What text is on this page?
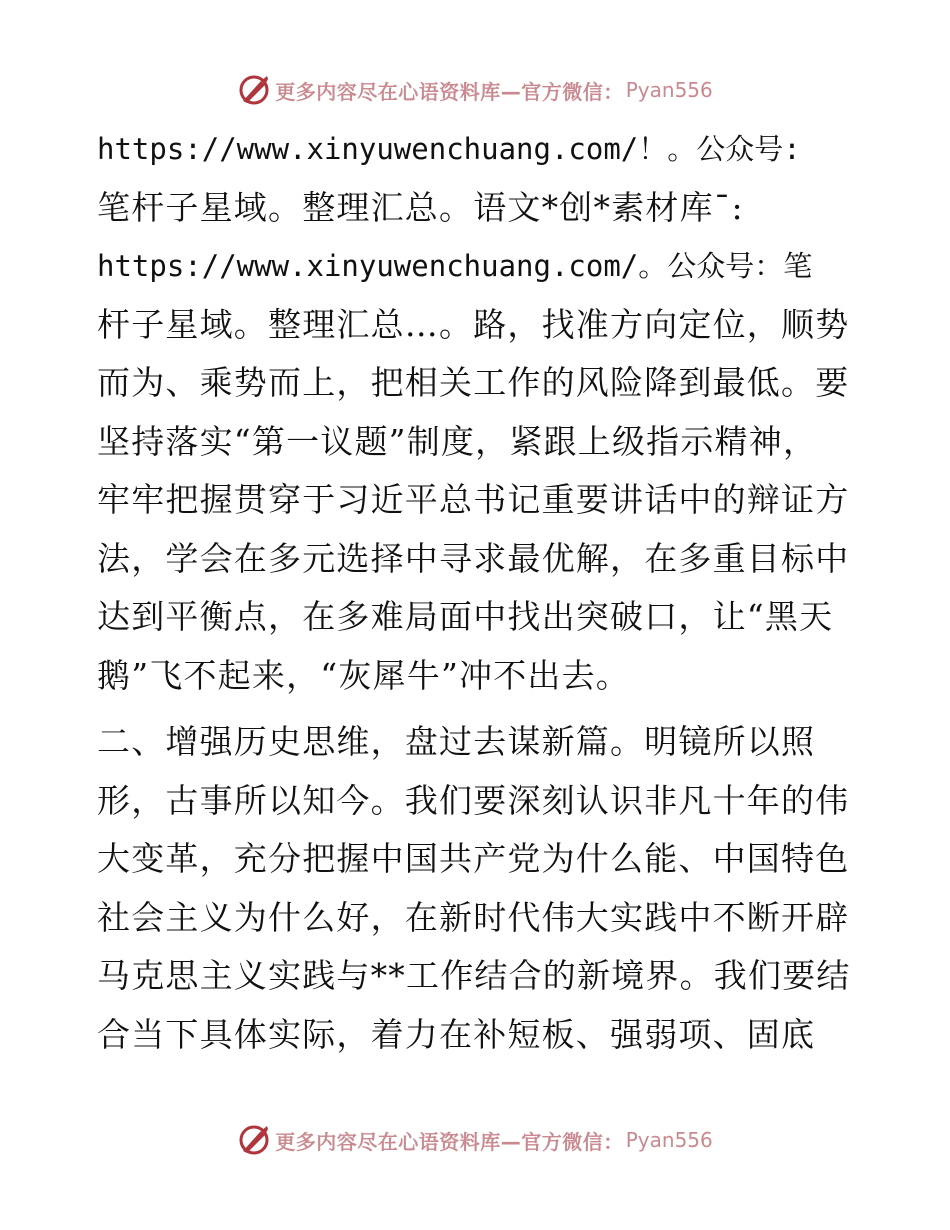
更多内容尽在心语资料库—官方微信： Pyan556
https://www.xinyuwenchuang.com/！。公众号:
笔杆子星域。整理汇总。语文*创*素材库¯:
https://www.xinyuwenchuang.com/。公众号：笔
杆子星域。整理汇总…。路，找准方向定位，顺势
而为、乘势而上，把相关工作的风险降到最低。要
坚持落实“第一议题”制度，紧跟上级指示精神，
牢牢把握贯穿于习近平总书记重要讲话中的辩证方
法，学会在多元选择中寻求最优解，在多重目标中
达到平衡点，在多难局面中找出突破口，让“黑天
鹅”飞不起来，“灰犀牛”冲不出去。
二、增强历史思维，盘过去谋新篇。明镜所以照
形，古事所以知今。我们要深刻认识非凡十年的伟
大变革，充分把握中国共产党为什么能、中国特色
社会主义为什么好，在新时代伟大实践中不断开辟
马克思主义实践与**工作结合的新境界。我们要结
合当下具体实际，着力在补短板、强弱项、固底
更多内容尽在心语资料库—官方微信： Pyan556
